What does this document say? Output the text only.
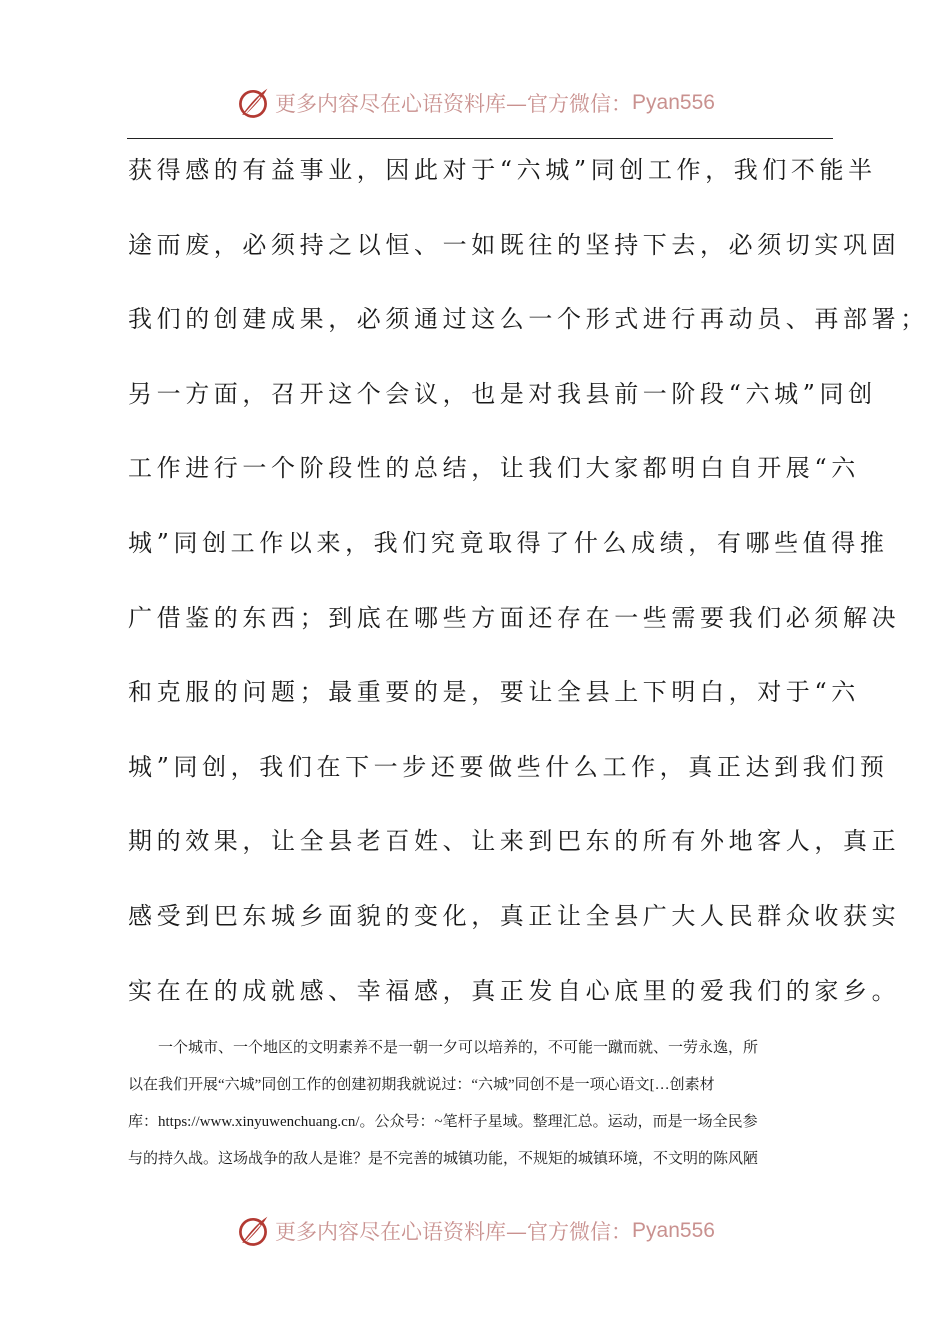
更多内容尽在心语资料库—官方微信： Pyan556
获得感的有益事业，因此对于“六城”同创工作，我们不能半
途而废，必须持之以恒、一如既往的坚持下去，必须切实巩固
我们的创建成果，必须通过这么一个形式进行再动员、再部署；
另一方面，召开这个会议，也是对我县前一阶段“六城”同创
工作进行一个阶段性的总结，让我们大家都明白自开展“六
城”同创工作以来，我们究竟取得了什么成绩，有哪些值得推
广借鉴的东西；到底在哪些方面还存在一些需要我们必须解决
和克服的问题；最重要的是，要让全县上下明白，对于“六
城”同创，我们在下一步还要做些什么工作，真正达到我们预
期的效果，让全县老百姓、让来到巴东的所有外地客人，真正
感受到巴东城乡面貌的变化，真正让全县广大人民群众收获实
实在在的成就感、幸福感，真正发自心底里的爱我们的家乡。
一个城市、一个地区的文明素养不是一朝一夕可以培养的，不可能一蹴而就、一劳永逸，所
以在我们开展“六城”同创工作的创建初期我就说过：“六城”同创不是一项心语文[…创素材
库：https://www.xinyuwenchuang.cn/。公众号：~笔杆子星域。整理汇总。运动，而是一场全民参
与的持久战。这场战争的敌人是谁？是不完善的城镇功能，不规矩的城镇环境，不文明的陈风陋
更多内容尽在心语资料库—官方微信： Pyan556
